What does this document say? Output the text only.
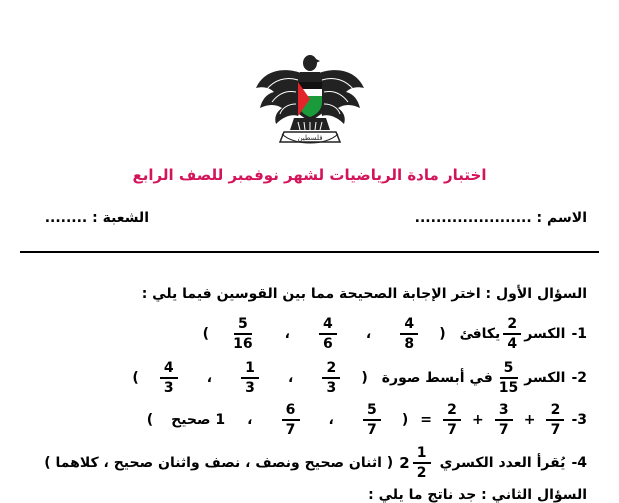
فلسطين
اختبار مادة الرياضيات لشهر نوفمبر للصف الرابع
الاسم : ......................
الشعبة : ........
السؤال الأول : اختر الإجابة الصحيحة مما بين القوسين فيما يلي :
1-
الكسر
$\frac{2}{4}$
يكافئ
(
$\frac{4}{8}$
،
$\frac{4}{6}$
،
$\frac{5}{16}$
)
2-
الكسر
$\frac{5}{15}$
في أبسط صورة
(
$\frac{2}{3}$
،
$\frac{1}{3}$
،
$\frac{4}{3}$
)
3-
$\frac{2}{7}$
+
$\frac{3}{7}$
+
$\frac{2}{7}$
=
(
$\frac{5}{7}$
،
$\frac{6}{7}$
،
1 صحيح
)
4-
يُقرأ العدد الكسري
$\frac{1}{2}$
2
( اثنان صحيح ونصف ، نصف واثنان صحيح ، كلاهما )
السؤال الثاني : جد ناتج ما يلي :
